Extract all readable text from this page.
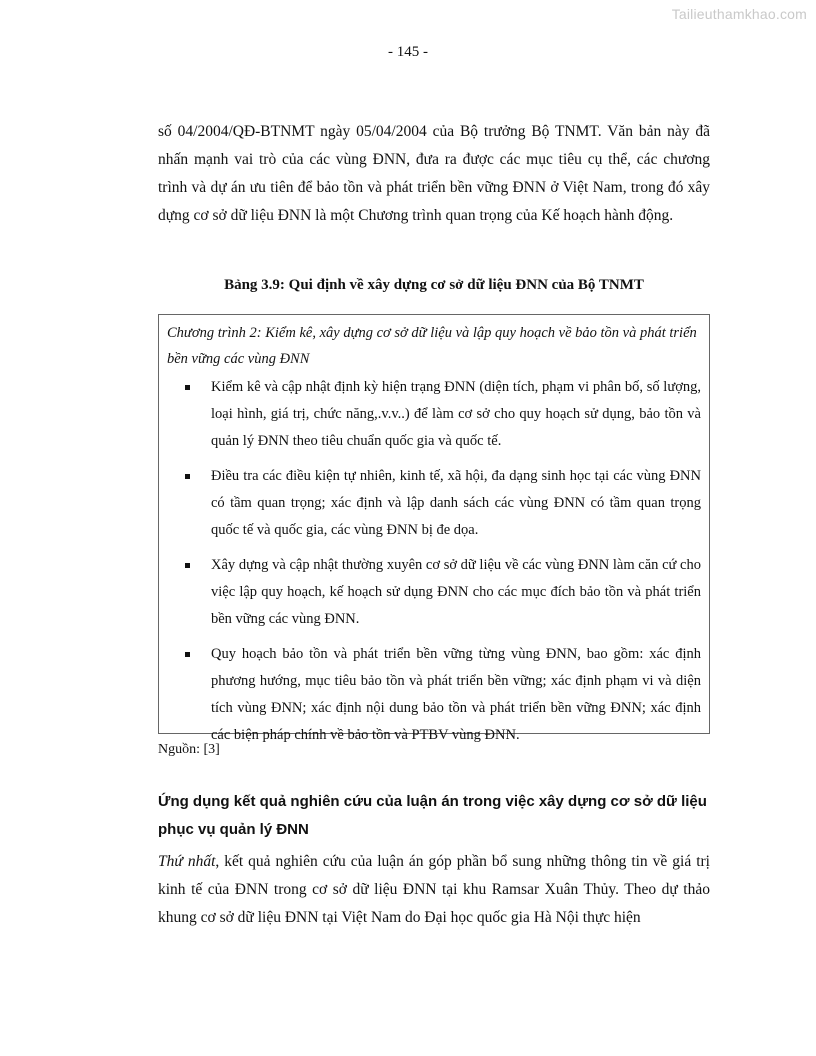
Tailieuthamkhao.com
- 145 -

số 04/2004/QĐ-BTNMT ngày 05/04/2004 của Bộ trưởng Bộ TNMT. Văn bản này đã nhấn mạnh vai trò của các vùng ĐNN, đưa ra được các mục tiêu cụ thể, các chương trình và dự án ưu tiên để bảo tồn và phát triển bền vững ĐNN ở Việt Nam, trong đó xây dựng cơ sở dữ liệu ĐNN là một Chương trình quan trọng của Kế hoạch hành động.

Bảng 3.9: Qui định về xây dựng cơ sở dữ liệu ĐNN của Bộ TNMT

Chương trình 2: Kiểm kê, xây dựng cơ sở dữ liệu và lập quy hoạch về bảo tồn và phát triển bền vững các vùng ĐNN

Kiểm kê và cập nhật định kỳ hiện trạng ĐNN (diện tích, phạm vi phân bố, số lượng, loại hình, giá trị, chức năng,.v.v..) để làm cơ sở cho quy hoạch sử dụng, bảo tồn và quản lý ĐNN theo tiêu chuẩn quốc gia và quốc tế.
Điều tra các điều kiện tự nhiên, kinh tế, xã hội, đa dạng sinh học tại các vùng ĐNN có tầm quan trọng; xác định và lập danh sách các vùng ĐNN có tầm quan trọng quốc tế và quốc gia, các vùng ĐNN bị đe dọa.
Xây dựng và cập nhật thường xuyên cơ sở dữ liệu về các vùng ĐNN làm căn cứ cho việc lập quy hoạch, kế hoạch sử dụng ĐNN cho các mục đích bảo tồn và phát triển bền vững các vùng ĐNN.
Quy hoạch bảo tồn và phát triển bền vững từng vùng ĐNN, bao gồm: xác định phương hướng, mục tiêu bảo tồn và phát triển bền vững; xác định phạm vi và diện tích vùng ĐNN; xác định nội dung bảo tồn và phát triển bền vững ĐNN; xác định các biện pháp chính về bảo tồn và PTBV vùng ĐNN.
Nguồn: [3]

Ứng dụng kết quả nghiên cứu của luận án trong việc xây dựng cơ sở dữ liệu phục vụ quản lý ĐNN

Thứ nhất, kết quả nghiên cứu của luận án góp phần bổ sung những thông tin về giá trị kinh tế của ĐNN trong cơ sở dữ liệu ĐNN tại khu Ramsar Xuân Thủy. Theo dự thảo khung cơ sở dữ liệu ĐNN tại Việt Nam do Đại học quốc gia Hà Nội thực hiện
